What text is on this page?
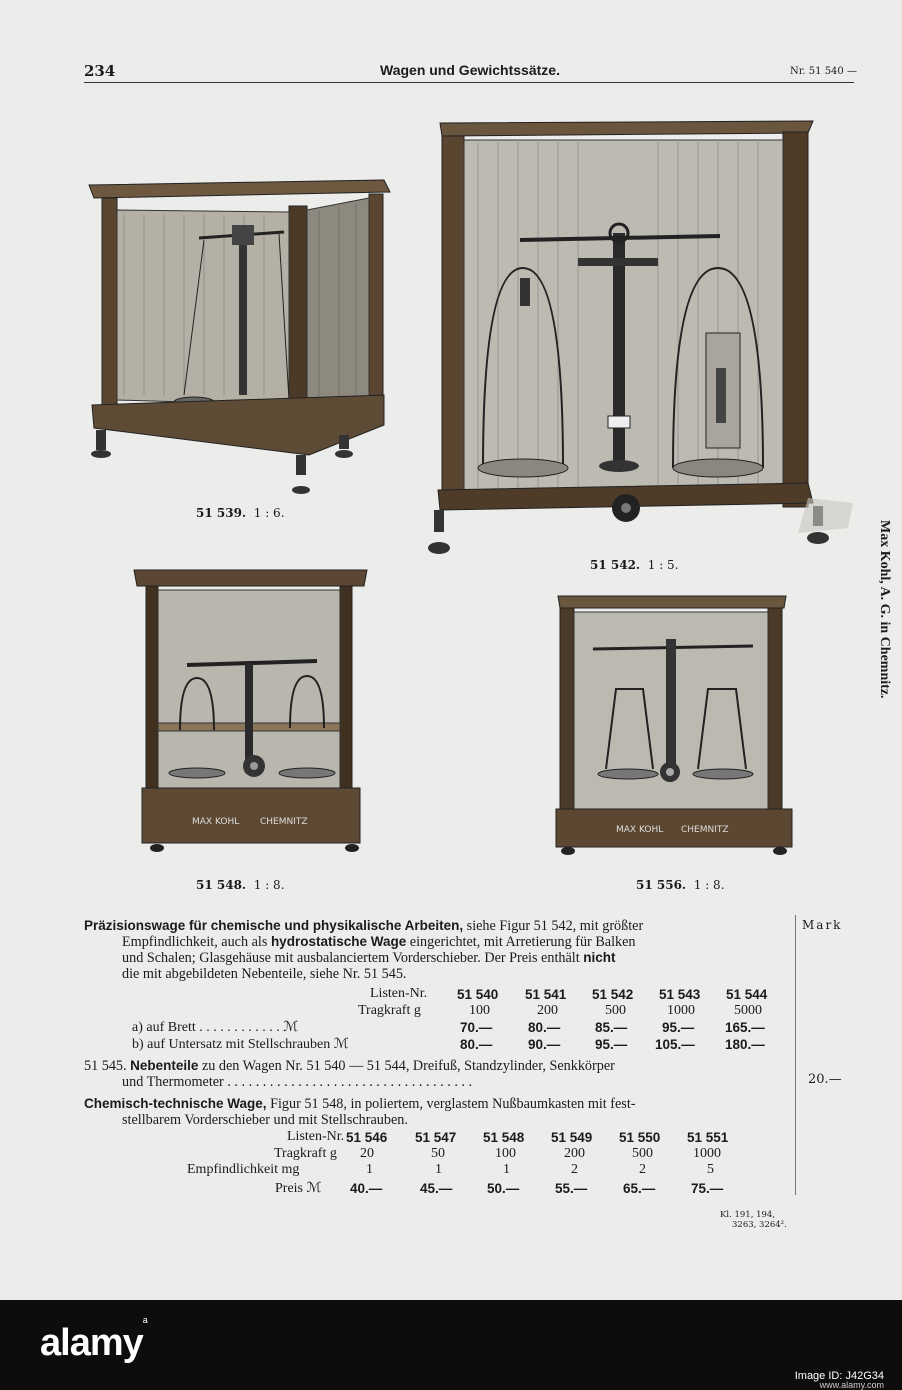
234	Wagen und Gewichtssätze.	Nr. 51 540 —
51 539. 1 : 6.
51 542. 1 : 5.
MAX KOHL CHEMNITZ
51 548. 1 : 8.
MAX KOHL CHEMNITZ
51 556. 1 : 8.
Max Kohl, A. G. in Chemnitz.
Mark
Präzisionswage für chemische und physikalische Arbeiten, siehe Figur 51 542, mit größter
Empfindlichkeit, auch als hydrostatische Wage eingerichtet, mit Arretierung für Balken
und Schalen; Glasgehäuse mit ausbalanciertem Vorderschieber. Der Preis enthält nicht
die mit abgebildeten Nebenteile, siehe Nr. 51 545.
Listen-Nr. 51 540 51 541 51 542 51 543 51 544
Tragkraft g	100	200	500	1000	5000
a) auf Brett . . . . . . . . . . . . ℳ	70.—	80.—	85.—	95.— 165.—
b) auf Untersatz mit Stellschrauben ℳ	80.—	90.—	95.— 105.— 180.—
51 545. Nebenteile zu den Wagen Nr. 51 540 — 51 544, Dreifuß, Standzylinder, Senkkörper
und Thermometer . . . . . . . . . . . . . . . . . . . . . . . . . . . . . . . . . . .	20.—
Chemisch-technische Wage, Figur 51 548, in poliertem, verglastem Nußbaumkasten mit fest-
stellbarem Vorderschieber und mit Stellschrauben.
Listen-Nr. 51 546 51 547 51 548 51 549 51 550 51 551
Tragkraft g 20	50	100	200	500	1000
Empfindlichkeit mg	1	1	1	2	2	5
Preis ℳ 40.—	45.—	50.—	55.—	65.—	75.—
Kl. 191, 194,
3263, 3264².
alamy$^a$
Image ID: J42G34
www.alamy.com
